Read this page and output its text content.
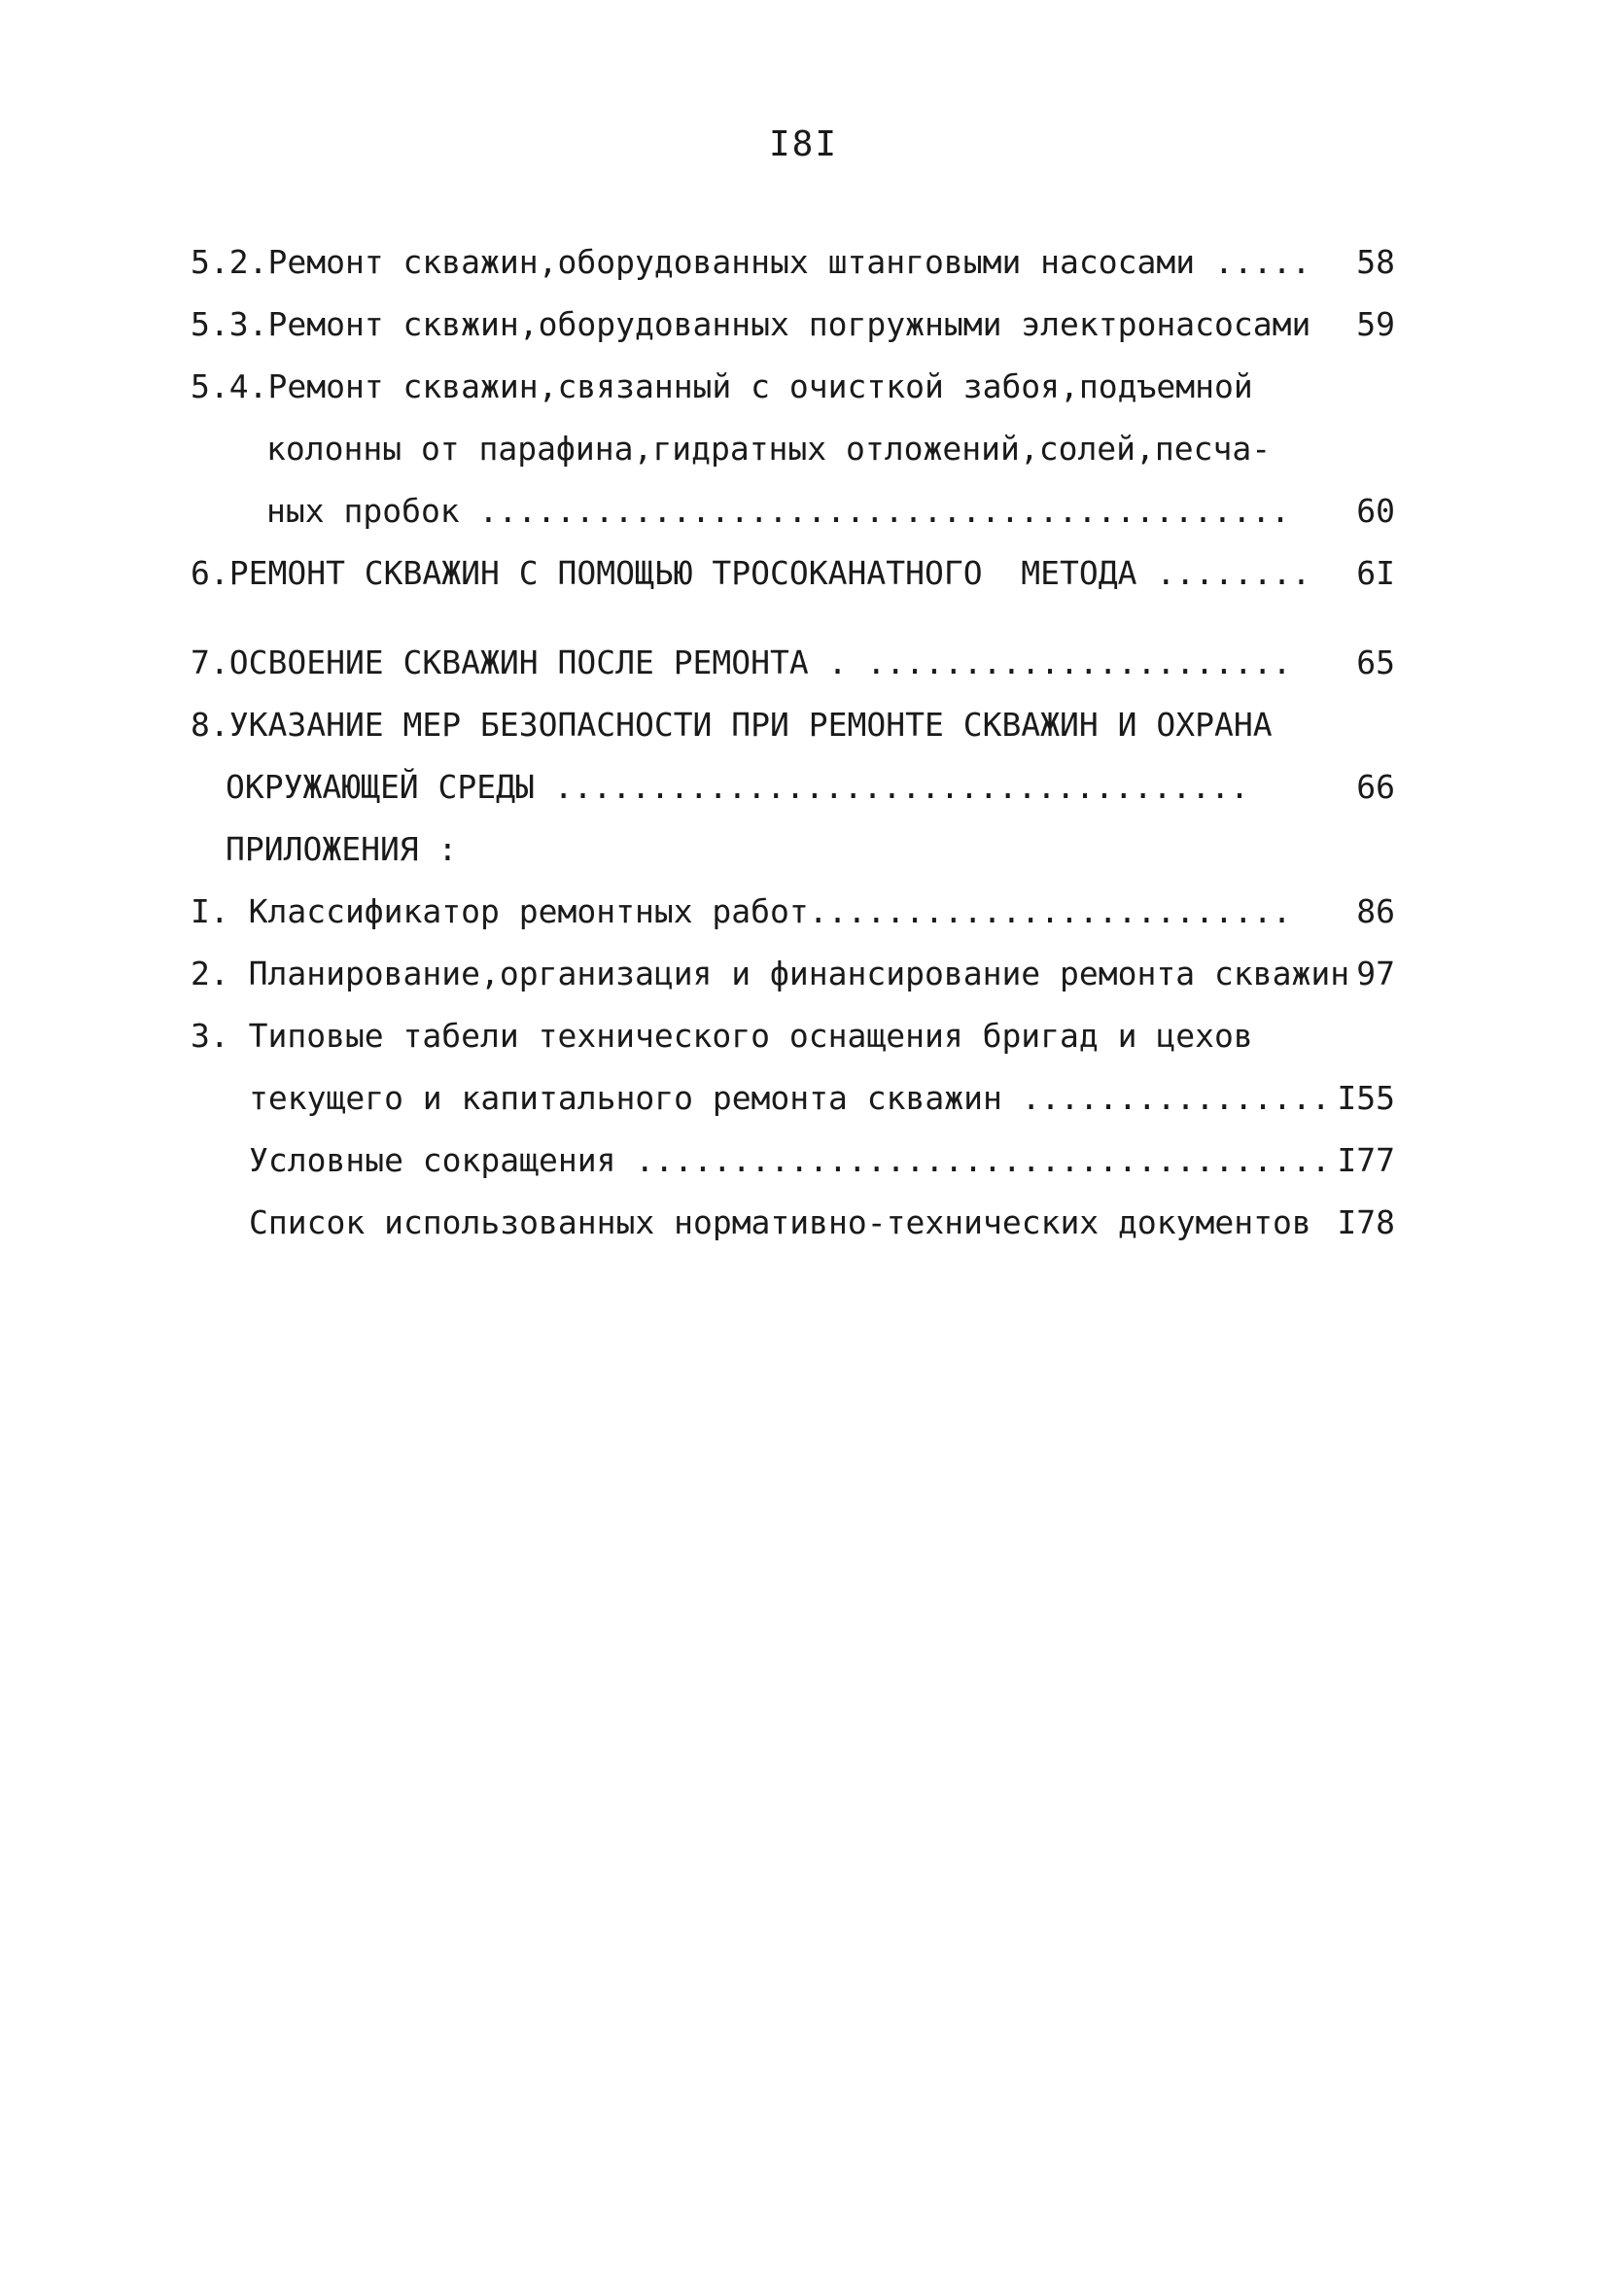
I8I
5.2.Ремонт скважин,оборудованных штанговыми насосами .....	58
5.3.Ремонт сквжин,оборудованных погружными электронасосами	59
5.4.Ремонт скважин,связанный с очисткой забоя,подъемной
колонны от парафина,гидратных отложений,солей,песча-
ных пробок ..........................................	60
6.РЕМОНТ СКВАЖИН С ПОМОЩЬЮ ТРОСОКАНАТНОГО  МЕТОДА ........	6I
7.ОСВОЕНИЕ СКВАЖИН ПОСЛЕ РЕМОНТА . ......................	65
8.УКАЗАНИЕ МЕР БЕЗОПАСНОСТИ ПРИ РЕМОНТЕ СКВАЖИН И ОХРАНА
ОКРУЖАЮЩЕЙ СРЕДЫ ....................................	66
ПРИЛОЖЕНИЯ :
I. Классификатор ремонтных работ.........................	86
2. Планирование,организация и финансирование ремонта скважин 97
3. Типовые табели технического оснащения бригад и цехов
текущего и капитального ремонта скважин ................ I55
Условные сокращения .................................... I77
Список использованных нормативно-технических документов I78
